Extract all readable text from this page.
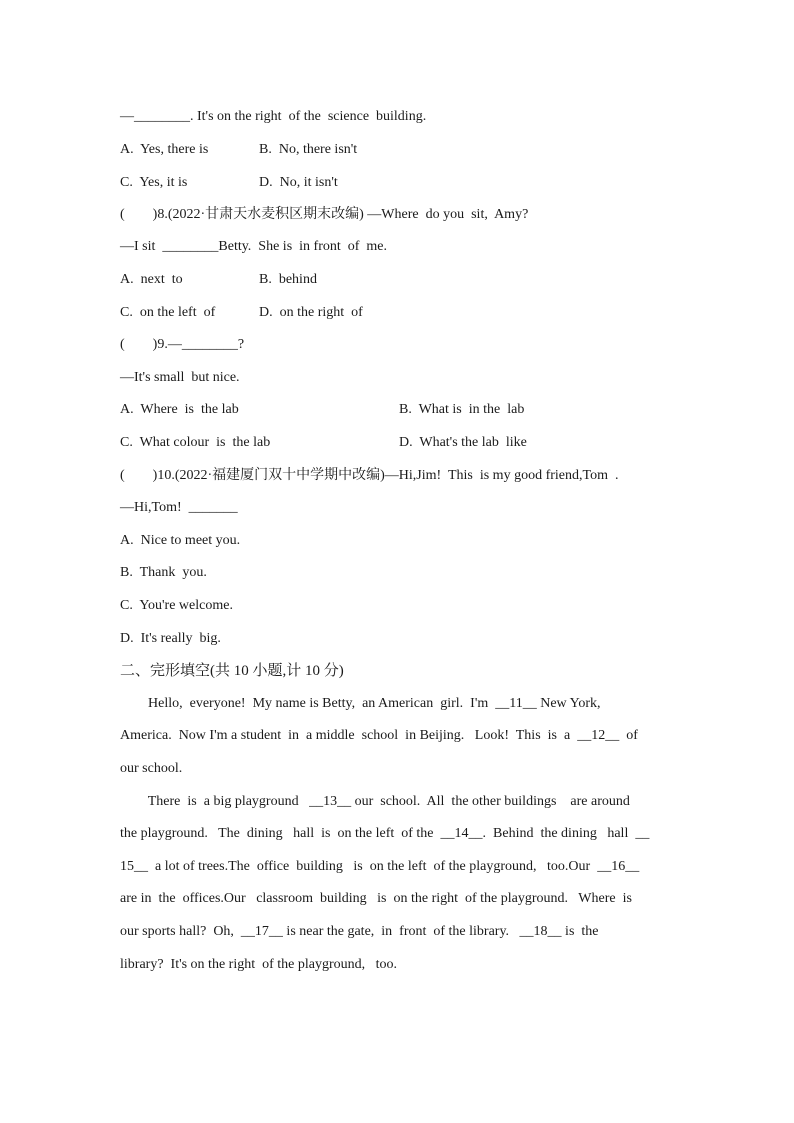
—________. It's on the right  of the  science  building.
A.  Yes, there is	B.  No, there isn't
C.  Yes, it is	D.  No, it isn't
(        )8.(2022·甘肃天水麦积区期末改编) —Where  do you  sit,  Amy?
—I sit  ________Betty.  She is  in front  of  me.
A.  next  to	B.  behind
C.  on the left  of	D.  on the right  of
(        )9.—________?
—It's small  but nice.
A.  Where  is  the lab	B.  What is  in the  lab
C.  What colour  is  the lab	D.  What's the lab  like
(        )10.(2022·福建厦门双十中学期中改编)—Hi,Jim!  This  is my good friend,Tom  .
—Hi,Tom!  _______
A.  Nice to meet you.
B.  Thank  you.
C.  You're welcome.
D.  It's really  big.
二、完形填空(共 10 小题,计 10 分)
Hello,  everyone!  My name is Betty,  an American  girl.  I'm  __11__ New York,
America.  Now I'm a student  in  a middle  school  in Beijing.   Look!  This  is  a  __12__  of
our school.
There  is  a big playground   __13__ our  school.  All  the other buildings    are around
the playground.   The  dining   hall  is  on the left  of the  __14__.  Behind  the dining   hall  __
15__  a lot of trees.The  office  building   is  on the left  of the playground,   too.Our  __16__
are in  the  offices.Our   classroom  building   is  on the right  of the playground.   Where  is
our sports hall?  Oh,  __17__ is near the gate,  in  front  of the library.   __18__ is  the
library?  It's on the right  of the playground,   too.
